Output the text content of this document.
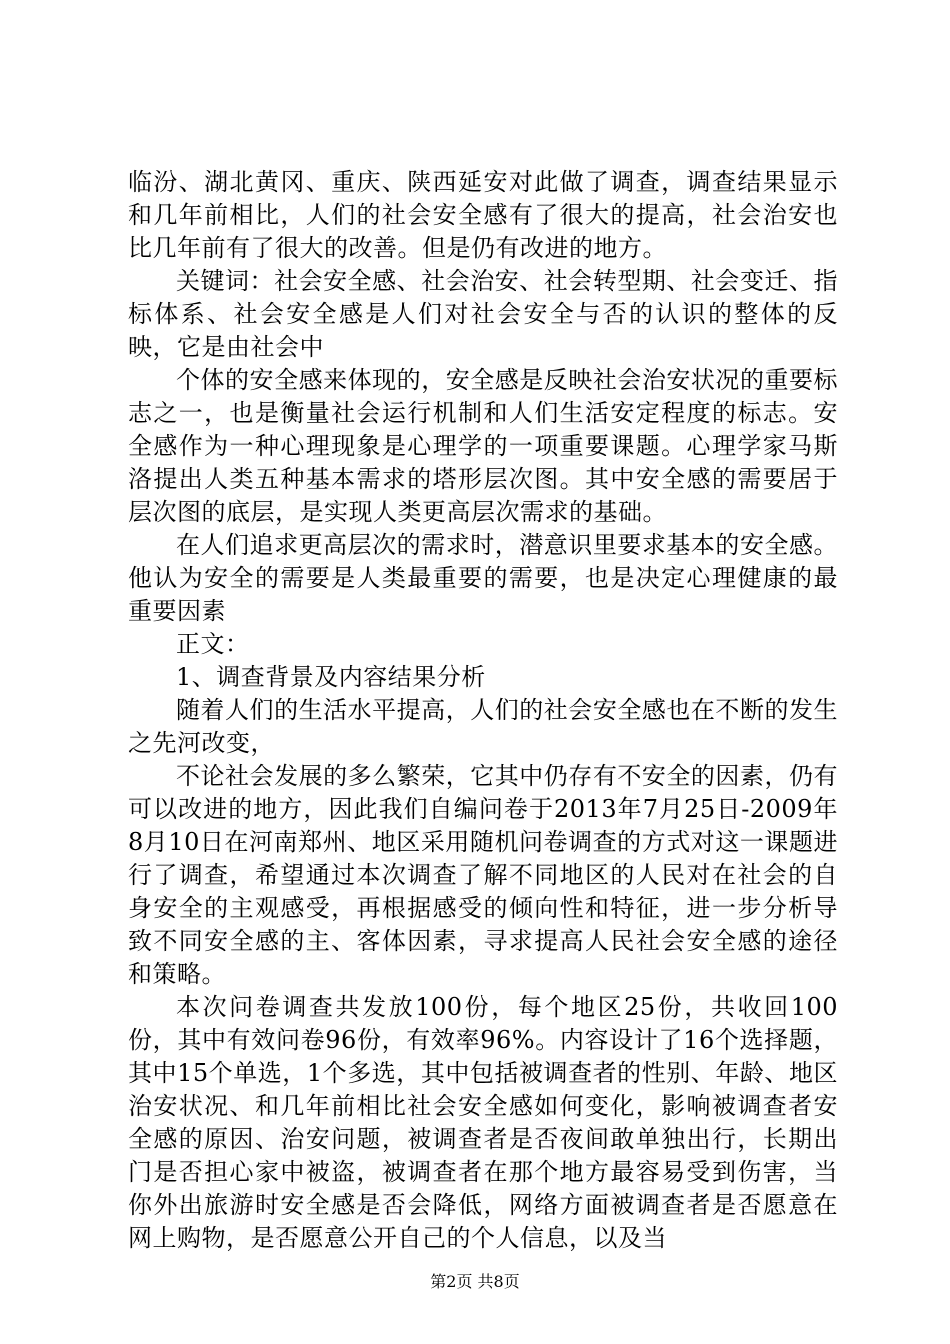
临汾、湖北黄冈、重庆、陕西延安对此做了调查，调查结果显示和几年前相比，人们的社会安全感有了很大的提高，社会治安也比几年前有了很大的改善。但是仍有改进的地方。

关键词：社会安全感、社会治安、社会转型期、社会变迁、指标体系、社会安全感是人们对社会安全与否的认识的整体的反映，它是由社会中

个体的安全感来体现的，安全感是反映社会治安状况的重要标志之一，也是衡量社会运行机制和人们生活安定程度的标志。安全感作为一种心理现象是心理学的一项重要课题。心理学家马斯洛提出人类五种基本需求的塔形层次图。其中安全感的需要居于层次图的底层，是实现人类更高层次需求的基础。

在人们追求更高层次的需求时，潜意识里要求基本的安全感。他认为安全的需要是人类最重要的需要，也是决定心理健康的最重要因素

正文：

1、调查背景及内容结果分析

随着人们的生活水平提高，人们的社会安全感也在不断的发生之先河改变，

不论社会发展的多么繁荣，它其中仍存有不安全的因素，仍有可以改进的地方，因此我们自编问卷于2013年7月25日-2009年8月10日在河南郑州、地区采用随机问卷调查的方式对这一课题进行了调查，希望通过本次调查了解不同地区的人民对在社会的自身安全的主观感受，再根据感受的倾向性和特征，进一步分析导致不同安全感的主、客体因素，寻求提高人民社会安全感的途径和策略。

本次问卷调查共发放100份，每个地区25份，共收回100份，其中有效问卷96份，有效率96%。内容设计了16个选择题，其中15个单选，1个多选，其中包括被调查者的性别、年龄、地区治安状况、和几年前相比社会安全感如何变化，影响被调查者安全感的原因、治安问题，被调查者是否夜间敢单独出行，长期出门是否担心家中被盗，被调查者在那个地方最容易受到伤害，当你外出旅游时安全感是否会降低，网络方面被调查者是否愿意在网上购物，是否愿意公开自己的个人信息，以及当

第2页 共8页
